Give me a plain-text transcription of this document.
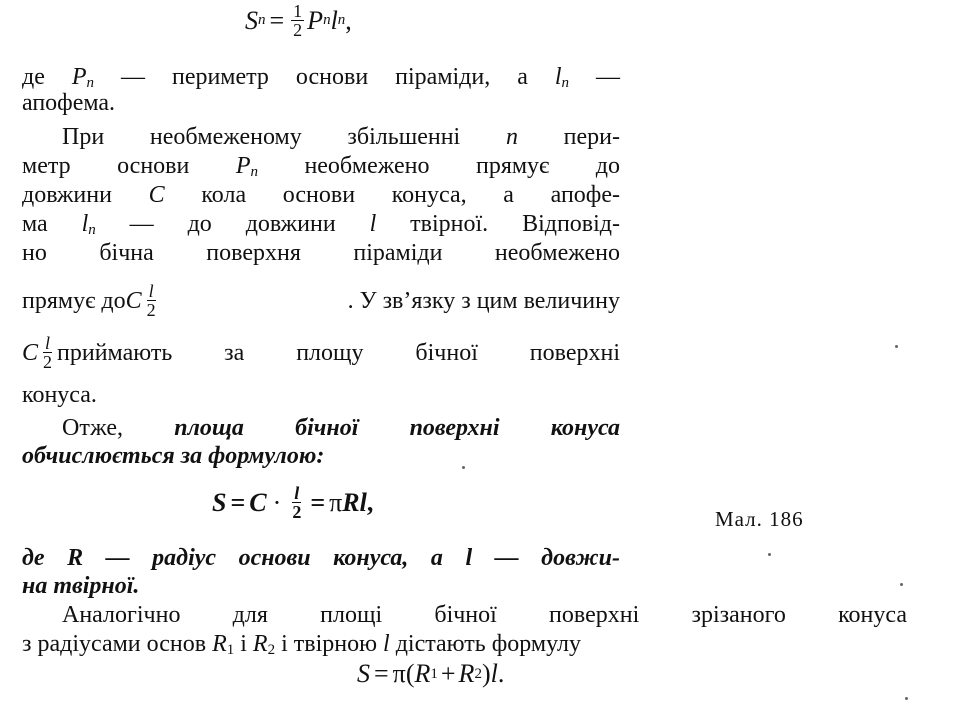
S $n = \frac{1}{2}$ P n l n ,
де $P_n$ — периметр основи піраміди, а $l_n$ —
апофема.
При необмеженому збільшенні n пери-
метр основи $P_n$ необмежено прямує до
довжини C кола основи конуса, а апофе-
ма $l_n$ — до довжини l твірної. Відповід-
но бічна поверхня піраміди необмежено
прямує до C $\frac{l}{2}$	. У зв’язку з цим величину
C $\frac{l}{2}$ приймають за площу бічної поверхні
конуса.
Отже, площа бічної поверхні конуса
обчислюється за формулою:
$S = C \cdot \frac{l}{2} = \pi$ Rl ,
Мал. 186
де R — радіус основи конуса, а l — довжи-
на твірної.
Аналогічно для площі бічної поверхні зрізаного конуса
з радіусами основ $R_1$ і $R_2$ і твірною l дістають формулу
S = π ( R 1 + R 2 ) l .
